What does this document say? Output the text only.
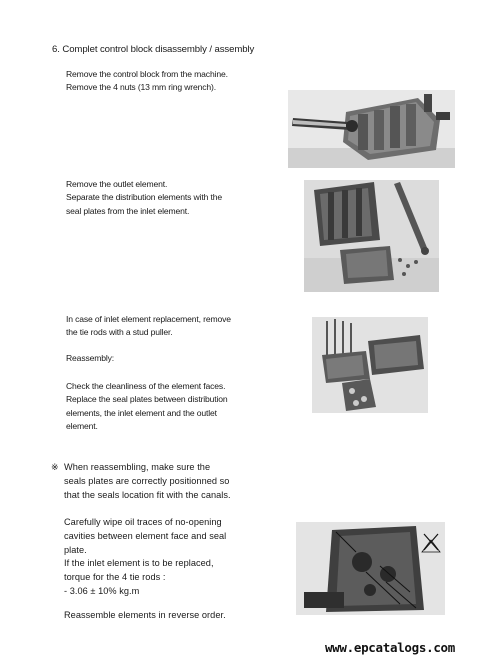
6. Complet control block disassembly / assembly
Remove the control block from the machine.
Remove the 4 nuts (13 mm ring wrench).
Remove the outlet element.
Separate the distribution elements with the
seal plates from the inlet element.
In case of inlet element replacement, remove
the tie rods with a stud puller.
Reassembly:
Check the cleanliness of the element faces.
Replace the seal plates between distribution
elements, the inlet element and the outlet
element.
※ When reassembling, make sure the
seals plates are correctly positionned so
that the seals location fit with the canals.
Carefully wipe oil traces of no-opening
cavities between element face and seal
plate.
If the inlet element is to be replaced,
torque for the 4 tie rods :
- 3.06 ± 10% kg.m
Reassemble elements in reverse order.
www.epcatalogs.com
